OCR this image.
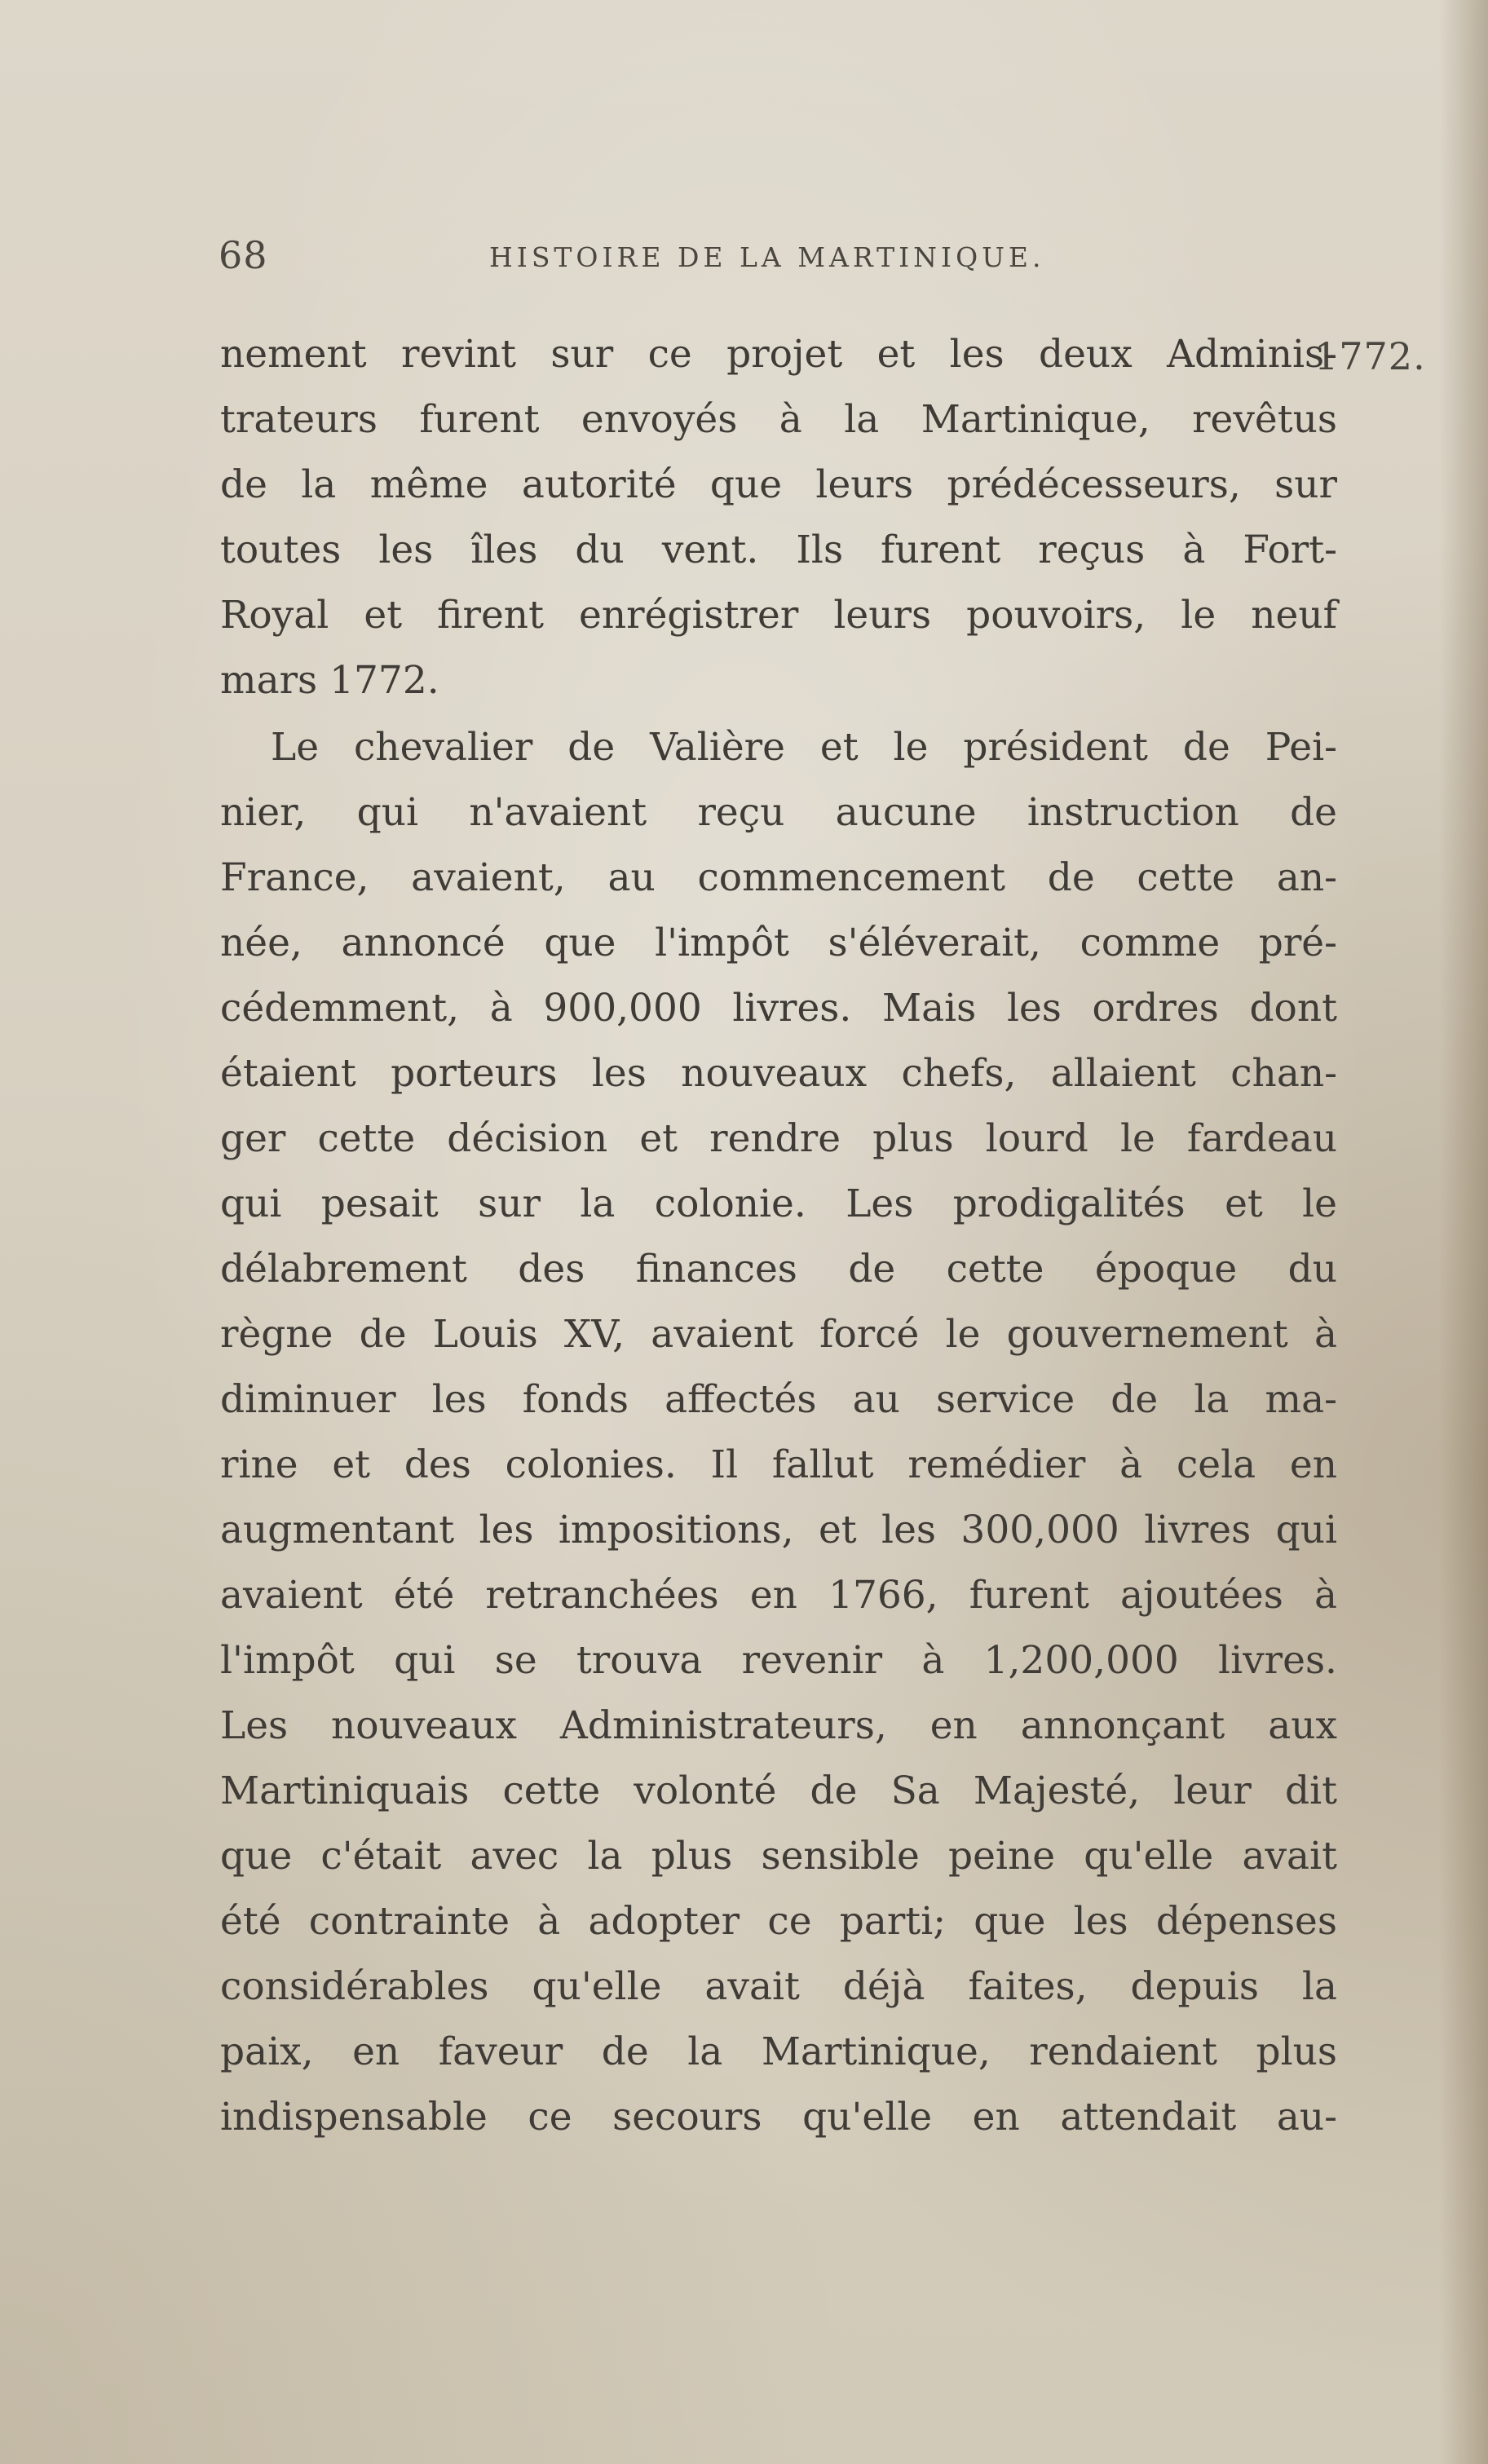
68	HISTOIRE DE LA MARTINIQUE.
1772.
nement revint sur ce projet et les deux Adminis-
trateurs furent envoyés à la Martinique, revêtus
de la même autorité que leurs prédécesseurs, sur
toutes les îles du vent. Ils furent reçus à Fort-
Royal et firent enrégistrer leurs pouvoirs, le neuf
mars 1772.
Le chevalier de Valière et le président de Pei-
nier, qui n'avaient reçu aucune instruction de
France, avaient, au commencement de cette an-
née, annoncé que l'impôt s'éléverait, comme pré-
cédemment, à 900,000 livres. Mais les ordres dont
étaient porteurs les nouveaux chefs, allaient chan-
ger cette décision et rendre plus lourd le fardeau
qui pesait sur la colonie. Les prodigalités et le
délabrement des finances de cette époque du
règne de Louis XV, avaient forcé le gouvernement à
diminuer les fonds affectés au service de la ma-
rine et des colonies. Il fallut remédier à cela en
augmentant les impositions, et les 300,000 livres qui
avaient été retranchées en 1766, furent ajoutées à
l'impôt qui se trouva revenir à 1,200,000 livres.
Les nouveaux Administrateurs, en annonçant aux
Martiniquais cette volonté de Sa Majesté, leur dit
que c'était avec la plus sensible peine qu'elle avait
été contrainte à adopter ce parti; que les dépenses
considérables qu'elle avait déjà faites, depuis la
paix, en faveur de la Martinique, rendaient plus
indispensable ce secours qu'elle en attendait au-
